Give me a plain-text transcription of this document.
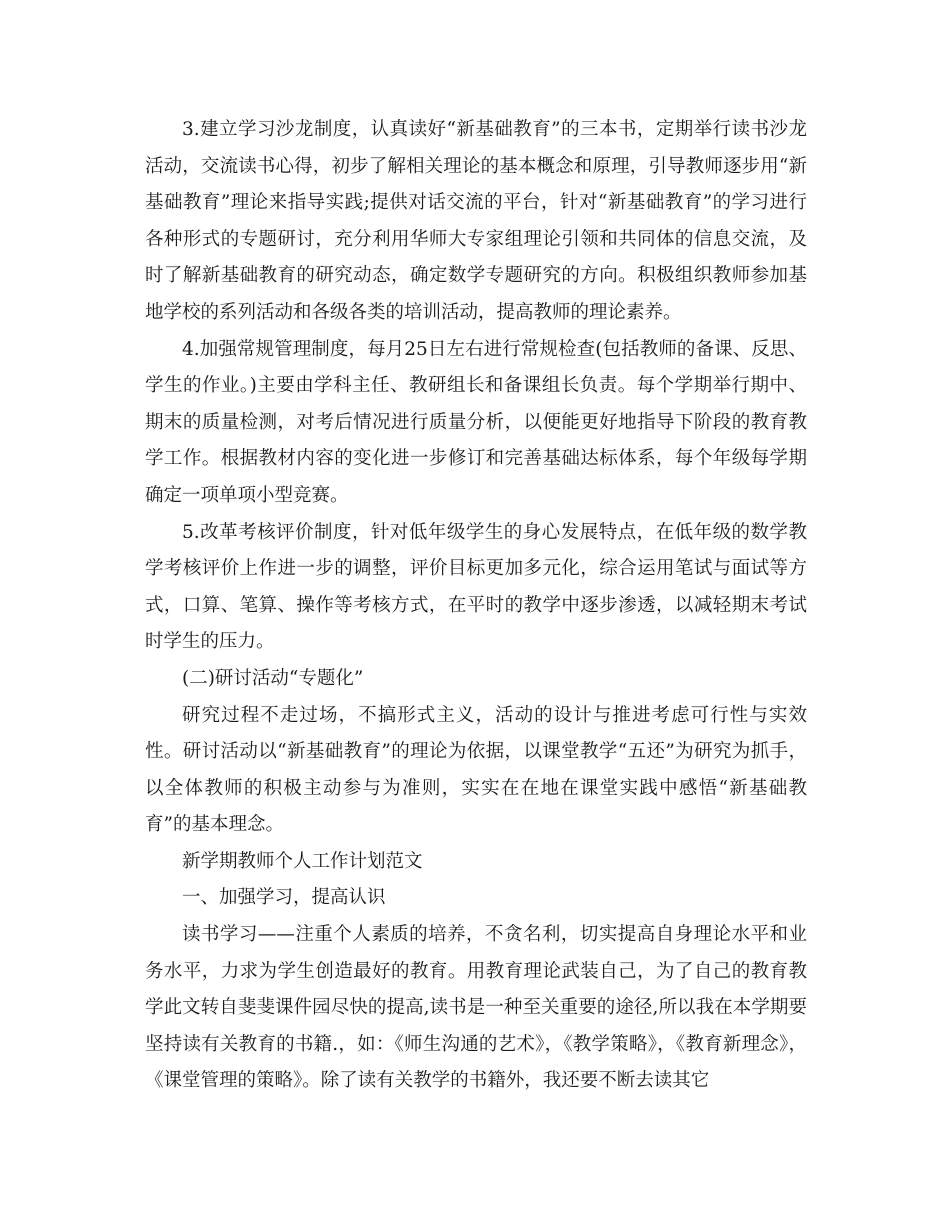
3.建立学习沙龙制度，认真读好“新基础教育”的三本书，定期举行读书沙龙活动，交流读书心得，初步了解相关理论的基本概念和原理，引导教师逐步用“新基础教育”理论来指导实践;提供对话交流的平台，针对“新基础教育”的学习进行各种形式的专题研讨，充分利用华师大专家组理论引领和共同体的信息交流，及时了解新基础教育的研究动态，确定数学专题研究的方向。积极组织教师参加基地学校的系列活动和各级各类的培训活动，提高教师的理论素养。

4.加强常规管理制度，每月25日左右进行常规检查(包括教师的备课、反思、学生的作业。)主要由学科主任、教研组长和备课组长负责。每个学期举行期中、期末的质量检测，对考后情况进行质量分析，以便能更好地指导下阶段的教育教学工作。根据教材内容的变化进一步修订和完善基础达标体系，每个年级每学期确定一项单项小型竞赛。

5.改革考核评价制度，针对低年级学生的身心发展特点，在低年级的数学教学考核评价上作进一步的调整，评价目标更加多元化，综合运用笔试与面试等方式，口算、笔算、操作等考核方式，在平时的教学中逐步渗透，以减轻期末考试时学生的压力。

(二)研讨活动“专题化”

研究过程不走过场，不搞形式主义，活动的设计与推进考虑可行性与实效性。研讨活动以“新基础教育”的理论为依据，以课堂教学“五还”为研究为抓手，以全体教师的积极主动参与为准则，实实在在地在课堂实践中感悟“新基础教育”的基本理念。

新学期教师个人工作计划范文

一、加强学习，提高认识

读书学习——注重个人素质的培养，不贪名利，切实提高自身理论水平和业务水平，力求为学生创造最好的教育。用教育理论武装自己，为了自己的教育教学此文转自斐斐课件园尽快的提高,读书是一种至关重要的途径,所以我在本学期要坚持读有关教育的书籍.，如：《师生沟通的艺术》，《教学策略》，《教育新理念》，《课堂管理的策略》。除了读有关教学的书籍外，我还要不断去读其它
